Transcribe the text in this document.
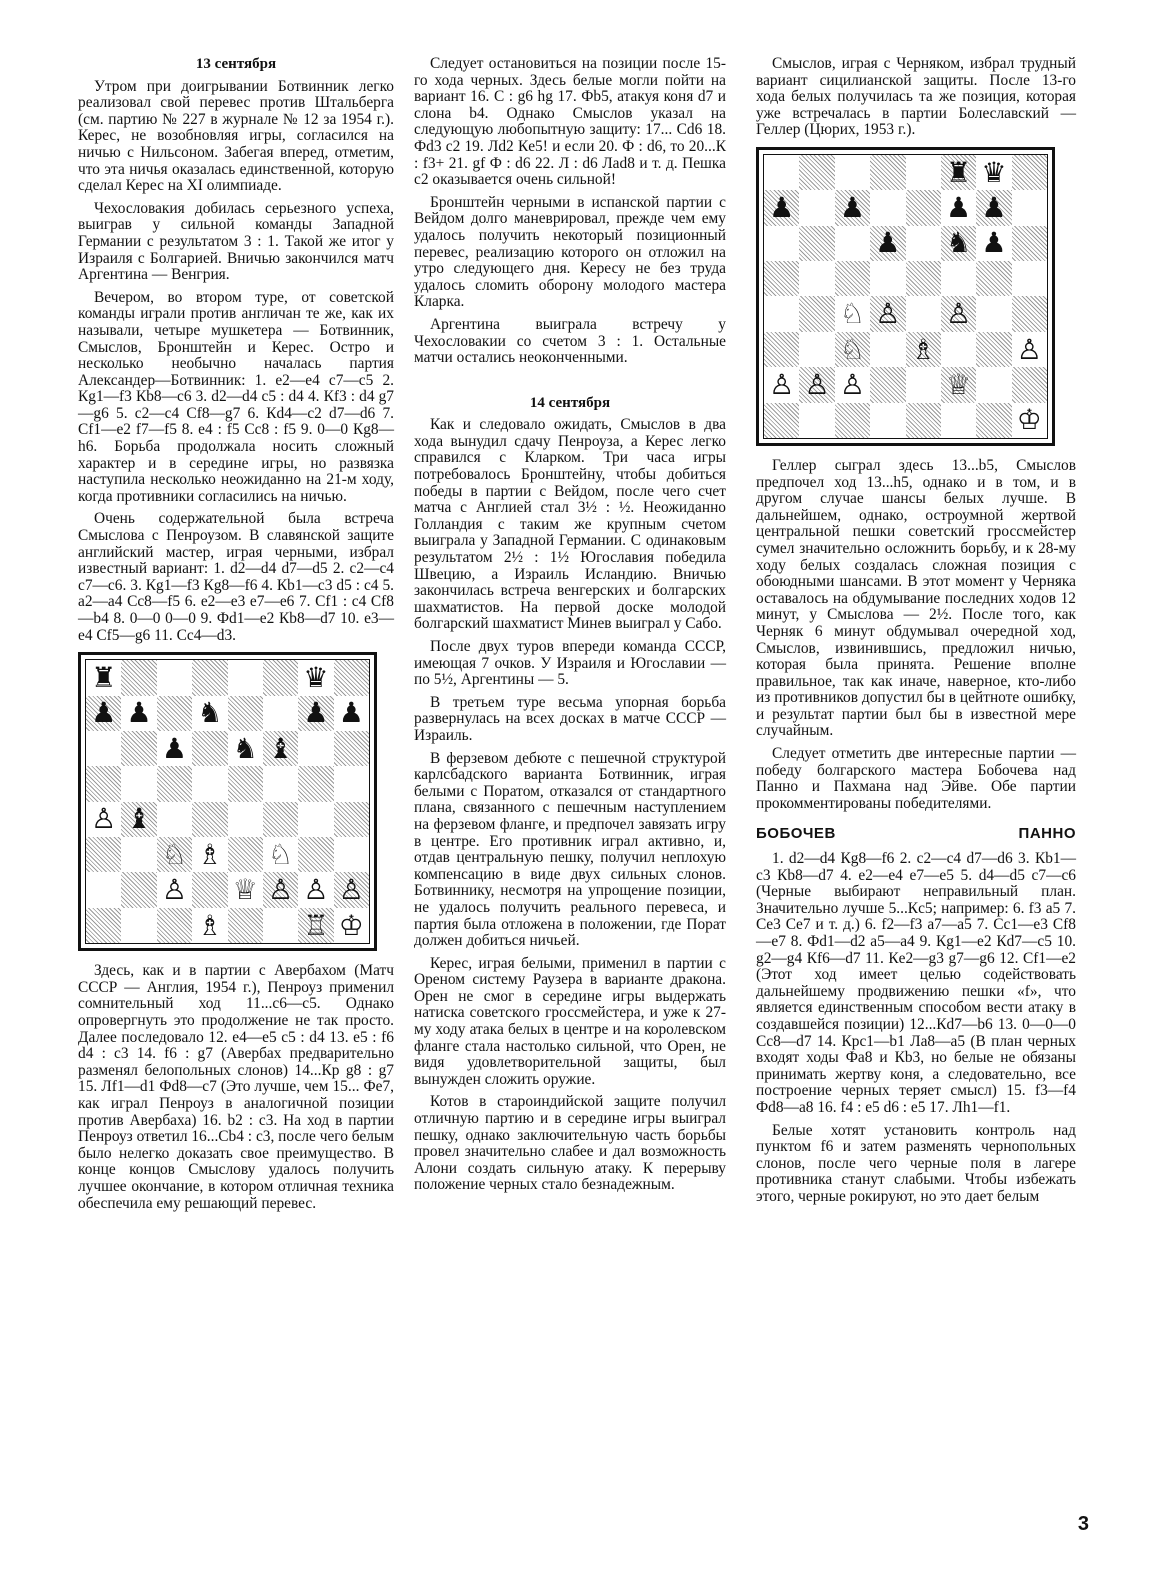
13 сентября

Утром при доигрывании Ботвинник легко реализовал свой перевес против Штальберга (см. партию № 227 в журнале № 12 за 1954 г.). Керес, не возобновляя игры, согласился на ничью с Нильсоном. Забегая вперед, отметим, что эта ничья оказалась единственной, которую сделал Керес на XI олимпиаде.

Чехословакия добилась серьезного успеха, выиграв у сильной команды Западной Германии с результатом 3 : 1. Такой же итог у Израиля с Болгарией. Вничью закончился матч Аргентина — Венгрия.

Вечером, во втором туре, от советской команды играли против англичан те же, как их называли, четыре мушкетера — Ботвинник, Смыслов, Бронштейн и Керес. Остро и несколько необычно началась партия Александер—Ботвинник: 1. e2—e4 c7—c5 2. Кg1—f3 Кb8—c6 3. d2—d4 c5 : d4 4. Кf3 : d4 g7—g6 5. c2—c4 Сf8—g7 6. Кd4—c2 d7—d6 7. Сf1—e2 f7—f5 8. e4 : f5 Сc8 : f5 9. 0—0 Кg8—h6. Борьба продолжала носить сложный характер и в середине игры, но развязка наступила несколько неожиданно на 21-м ходу, когда противники согласились на ничью.

Очень содержательной была встреча Смыслова с Пенроузом. В славянской защите английский мастер, играя черными, избрал известный вариант: 1. d2—d4 d7—d5 2. c2—c4 c7—c6. 3. Кg1—f3 Кg8—f6 4. Кb1—c3 d5 : c4 5. a2—a4 Сc8—f5 6. e2—e3 e7—e6 7. Сf1 : c4 Сf8—b4 8. 0—0 0—0 9. Фd1—e2 Кb8—d7 10. e3—e4 Сf5—g6 11. Сc4—d3.

♜	♛
♟ ♟ ♞	♟ ♟
♟ ♞ ♝
♙ ♝
♘ ♗ ♘
♙ ♕ ♙ ♙ ♙
♗	♖ ♔

Здесь, как и в партии с Авербахом (Матч СССР — Англия, 1954 г.), Пенроуз применил сомнительный ход 11...c6—c5. Однако опровергнуть это продолжение не так просто. Далее последовало 12. e4—e5 c5 : d4 13. e5 : f6 d4 : c3 14. f6 : g7 (Авербах предварительно разменял белопольных слонов) 14...Кр g8 : g7 15. Лf1—d1 Фd8—c7 (Это лучше, чем 15... Фe7, как играл Пенроуз в аналогичной позиции против Авербаха) 16. b2 : c3. На ход в партии Пенроуз ответил 16...Сb4 : c3, после чего белым было нелегко доказать свое преимущество. В конце концов Смыслову удалось получить лучшее окончание, в котором отличная техника обеспечила ему решающий перевес.

Следует остановиться на позиции после 15-го хода черных. Здесь белые могли пойти на вариант 16. С : g6 hg 17. Фb5, атакуя коня d7 и слона b4. Однако Смыслов указал на следующую любопытную защиту: 17... Сd6 18. Фd3 c2 19. Лd2 Кe5! и если 20. Ф : d6, то 20...К : f3+ 21. gf Ф : d6 22. Л : d6 Лad8 и т. д. Пешка c2 оказывается очень сильной!

Бронштейн черными в испанской партии с Вейдом долго маневрировал, прежде чем ему удалось получить некоторый позиционный перевес, реализацию которого он отложил на утро следующего дня. Кересу не без труда удалось сломить оборону молодого мастера Кларка.

Аргентина выиграла встречу у Чехословакии со счетом 3 : 1. Остальные матчи остались неоконченными.

14 сентября

Как и следовало ожидать, Смыслов в два хода вынудил сдачу Пенроуза, а Керес легко справился с Кларком. Три часа игры потребовалось Бронштейну, чтобы добиться победы в партии с Вейдом, после чего счет матча с Англией стал 3½ : ½. Неожиданно Голландия с таким же крупным счетом выиграла у Западной Германии. С одинаковым результатом 2½ : 1½ Югославия победила Швецию, а Израиль Исландию. Вничью закончилась встреча венгерских и болгарских шахматистов. На первой доске молодой болгарский шахматист Минев выиграл у Сабо.

После двух туров впереди команда СССР, имеющая 7 очков. У Израиля и Югославии — по 5½, Аргентины — 5.

В третьем туре весьма упорная борьба развернулась на всех досках в матче СССР — Израиль.

В ферзевом дебюте с пешечной структурой карлсбадского варианта Ботвинник, играя белыми с Поратом, отказался от стандартного плана, связанного с пешечным наступлением на ферзевом фланге, и предпочел завязать игру в центре. Его противник играл активно, и, отдав центральную пешку, получил неплохую компенсацию в виде двух сильных слонов. Ботвиннику, несмотря на упрощение позиции, не удалось получить реального перевеса, и партия была отложена в положении, где Порат должен добиться ничьей.

Керес, играя белыми, применил в партии с Ореном систему Раузера в варианте дракона. Орен не смог в середине игры выдержать натиска советского гроссмейстера, и уже к 27-му ходу атака белых в центре и на королевском фланге стала настолько сильной, что Орен, не видя удовлетворительной защиты, был вынужден сложить оружие.

Котов в староиндийской защите получил отличную партию и в середине игры выиграл пешку, однако заключительную часть борьбы провел значительно слабее и дал возможность Алони создать сильную атаку. К перерыву положение черных стало безнадежным.

Смыслов, играя с Черняком, избрал трудный вариант сицилианской защиты. После 13-го хода белых получилась та же позиция, которая уже встречалась в партии Болеславский — Геллер (Цюрих, 1953 г.).

♜ ♛
♟ ♟	♟ ♟
♟ ♞ ♟
♘ ♙ ♙
♘ ♗	♙
♙ ♙ ♙	♕
♔

Геллер сыграл здесь 13...b5, Смыслов предпочел ход 13...h5, однако и в том, и в другом случае шансы белых лучше. В дальнейшем, однако, остроумной жертвой центральной пешки советский гроссмейстер сумел значительно осложнить борьбу, и к 28-му ходу белых создалась сложная позиция с обоюдными шансами. В этот момент у Черняка оставалось на обдумывание последних ходов 12 минут, у Смыслова — 2½. После того, как Черняк 6 минут обдумывал очередной ход, Смыслов, извинившись, предложил ничью, которая была принята. Решение вполне правильное, так как иначе, наверное, кто-либо из противников допустил бы в цейтноте ошибку, и результат партии был бы в известной мере случайным.

Следует отметить две интересные партии — победу болгарского мастера Бобочева над Панно и Пахмана над Эйве. Обе партии прокомментированы победителями.

БОБОЧЕВ	ПАННО

1. d2—d4 Кg8—f6 2. c2—c4 d7—d6 3. Кb1—c3 Кb8—d7 4. e2—e4 e7—e5 5. d4—d5 c7—c6 (Черные выбирают неправильный план. Значительно лучше 5...Кc5; например: 6. f3 a5 7. Сe3 Сe7 и т. д.) 6. f2—f3 a7—a5 7. Сc1—e3 Сf8—e7 8. Фd1—d2 a5—a4 9. Кg1—e2 Кd7—c5 10. g2—g4 Кf6—d7 11. Кe2—g3 g7—g6 12. Сf1—e2 (Этот ход имеет целью содействовать дальнейшему продвижению пешки «f», что является единственным способом вести атаку в создавшейся позиции) 12...Кd7—b6 13. 0—0—0 Сc8—d7 14. Крc1—b1 Лa8—a5 (В план черных входят ходы Фa8 и Кb3, но белые не обязаны принимать жертву коня, а следовательно, все построение черных теряет смысл) 15. f3—f4 Фd8—a8 16. f4 : e5 d6 : e5 17. Лh1—f1.

Белые хотят установить контроль над пунктом f6 и затем разменять чернопольных слонов, после чего черные поля в лагере противника станут слабыми. Чтобы избежать этого, черные рокируют, но это дает белым

3
